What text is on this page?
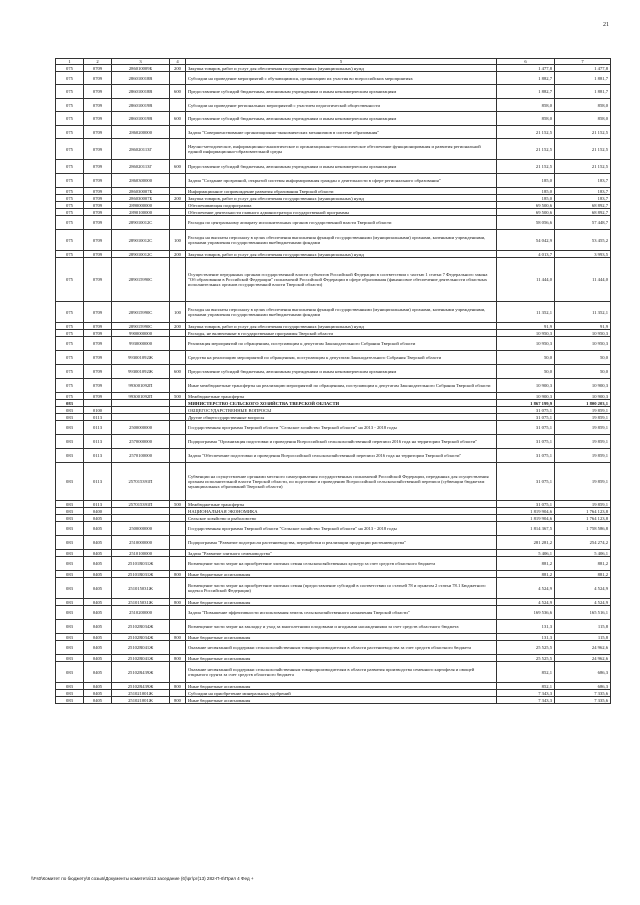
21
1	2	3	4	5	6	7
075	0709	286010009Б	200	Закупка товаров, работ и услуг для обеспечения государственных (муниципальных) нужд	1 477,8	1 477,8
075	0709	286010018В		Субсидии на проведение мероприятий с обучающимися, организацию их участия во всероссийских мероприятиях	1 882,7	1 881,7
075	0709	286010018В	600	Предоставление субсидий бюджетным, автономным учреждениям и иным некоммерческим организациям	1 882,7	1 881,7
075	0709	286010019В		Субсидии на проведение региональных мероприятий с участием педагогической общественности	858,0	858,0
075	0709	286010019В	600	Предоставление субсидий бюджетным, автономным учреждениям и иным некоммерческим организациям	858,0	858,0
075	0709	2860200000		Задача "Совершенствование организационно-экономических механизмов в системе образования"	21 152,5	21 152,5
075	0709	286020113Г		Научно-методическое, информационно-аналитическое и организационно-технологическое обеспечение функционирования и развития региональной единой информационно-образовательной среды	21 152,5	21 152,5
075	0709	286020113Г	600	Предоставление субсидий бюджетным, автономным учреждениям и иным некоммерческим организациям	21 152,5	21 152,5
075	0709	2860300000		Задача "Создание прозрачной, открытой системы информирования граждан о деятельности в сфере регионального образования"	185,0	183,7
075	0709	286030007Б		Информационное сопровождение развития образования Тверской области	185,0	183,7
075	0709	286030007Б	200	Закупка товаров, работ и услуг для обеспечения государственных (муниципальных) нужд	185,0	183,7
075	0709	2890000000		Обеспечивающая подпрограмма	69 500,6	68 892,7
075	0709	2890100000		Обеспечение деятельности главного администратора государственной программы	69 500,6	68 892,7
075	0709	289010012С		Расходы по центральному аппарату исполнительных органов государственной власти Тверской области	58 056,6	57 448,7
075	0709	289010012С	100	Расходы на выплаты персоналу в целях обеспечения выполнения функций государственными (муниципальными) органами, казенными учреждениями, органами управления государственными внебюджетными фондами	54 042,9	53 455,2
075	0709	289010012С	200	Закупка товаров, работ и услуг для обеспечения государственных (муниципальных) нужд	4 013,7	3 993,5
075	0709	289015990С		Осуществление переданных органам государственной власти субъектов Российской Федерации в соответствии с частью 1 статьи 7 Федерального закона "Об образовании в Российской Федерации" полномочий Российской Федерации в сфере образования (финансовое обеспечение деятельности областных исполнительных органов государственной власти Тверской области)	11 444,0	11 444,0
075	0709	289015990С	100	Расходы на выплаты персоналу в целях обеспечения выполнения функций государственными (муниципальными) органами, казенными учреждениями, органами управления государственными внебюджетными фондами	11 352,1	11 352,1
075	0709	289015990С	200	Закупка товаров, работ и услуг для обеспечения государственных (муниципальных) нужд	91,9	91,9
075	0709	9900000000		Расходы, не включенные в государственные программы Тверской области	10 950,3	10 950,3
075	0709	9930000000		Реализация мероприятий по обращениям, поступающим к депутатам Законодательного Собрания Тверской области	10 950,3	10 950,3
075	0709	993001092Ж		Средства на реализацию мероприятий по обращениям, поступающим к депутатам Законодательного Собрания Тверской области	50,0	50,0
075	0709	993001092Ж	600	Предоставление субсидий бюджетным, автономным учреждениям и иным некоммерческим организациям	50,0	50,0
075	0709	993001092П		Иные межбюджетные трансферты на реализацию мероприятий по обращениям, поступающим к депутатам Законодательного Собрания Тверской области	10 900,3	10 900,3
075	0709	993001092П	500	Межбюджетные трансферты	10 900,3	10 900,3
083				МИНИСТЕРСТВО СЕЛЬСКОГО ХОЗЯЙСТВА ТВЕРСКОЙ ОБЛАСТИ	1 867 199,9	1 800 203,1
083	0100			ОБЩЕГОСУДАРСТВЕННЫЕ ВОПРОСЫ	31 075,1	19 859,1
083	0113			Другие общегосударственные вопросы	31 075,1	19 859,1
083	0113	2500000000		Государственная программа Тверской области "Сельское хозяйство Тверской области" на 2013 - 2018 годы	31 075,1	19 859,1
083	0113	2570000000		Подпрограмма "Организация подготовки и проведения Всероссийской сельскохозяйственной переписи 2016 года на территории Тверской области"	31 075,1	19 859,1
083	0113	2570100000		Задача "Обеспечение подготовки и проведения Всероссийской сельскохозяйственной переписи 2016 года на территории Тверской области"	31 075,1	19 859,1
083	0113	257015391П		Субвенции на осуществление органами местного самоуправления государственных полномочий Российской Федерации, переданных для осуществления органам исполнительной власти Тверской области, по подготовке и проведению Всероссийской сельскохозяйственной переписи (субвенции бюджетам муниципальных образований Тверской области)	31 075,1	19 859,1
083	0113	257015391П	500	Межбюджетные трансферты	31 075,1	19 859,1
083	0400			НАЦИОНАЛЬНАЯ ЭКОНОМИКА	1 819 904,6	1 764 123,8
083	0405			Сельское хозяйство и рыболовство	1 819 904,6	1 764 123,8
083	0405	2500000000		Государственная программа Тверской области "Сельское хозяйство Тверской области" на 2013 - 2018 годы	1 814 367,5	1 758 586,8
083	0405	2510000000		Подпрограмма "Развитие подотрасли растениеводства, переработки и реализации продукции растениеводства"	281 281,2	254 274,2
083	0405	2510100000		Задача "Развитие элитного семеноводства"	5 406,1	5 406,1
083	0405	25101R031Ж		Возмещение части затрат на приобретение элитных семян сельскохозяйственных культур за счет средств областного бюджета	881,2	881,2
083	0405	25101R031Ж	800	Иные бюджетные ассигнования	881,2	881,2
083	0405	251015031Ж		Возмещение части затрат на приобретение элитных семян (предоставление субсидий в соответствии со статьей 78 и пунктом 2 статьи 78.1 Бюджетного кодекса Российской Федерации)	4 524,9	4 524,9
083	0405	251015031Ж	800	Иные бюджетные ассигнования	4 524,9	4 524,9
083	0405	2510200000		Задача "Повышение эффективности использования земель сельскохозяйственного назначения Тверской области"	169 536,6	165 516,1
083	0405	25102R034Ж		Возмещение части затрат на закладку и уход за многолетними плодовыми и ягодными насаждениями за счет средств областного бюджета	131,3	115,8
083	0405	25102R034Ж	800	Иные бюджетные ассигнования	131,3	115,8
083	0405	25102R041Ж		Оказание несвязанной поддержки сельскохозяйственным товаропроизводителям в области растениеводства за счет средств областного бюджета	25 525,5	24 962,6
083	0405	25102R041Ж	800	Иные бюджетные ассигнования	25 525,5	24 962,6
083	0405	25102R439Ж		Оказание несвязанной поддержки сельскохозяйственным товаропроизводителям в области развития производства семенного картофеля и овощей открытого грунта за счет средств областного бюджета	852,1	686,3
083	0405	25102R439Ж	800	Иные бюджетные ассигнования	852,1	686,3
083	0405	251021001Ж		Субсидии на приобретение минеральных удобрений	7 343,3	7 335,6
083	0405	251021001Ж	800	Иные бюджетные ассигнования	7 343,3	7 335,6
\\Fs0\Комитет по бюджету\8 созыв\Документы комитета\13 заседание (6)\рг\рг(13) 282-П-6\Прил 4 Фед +
